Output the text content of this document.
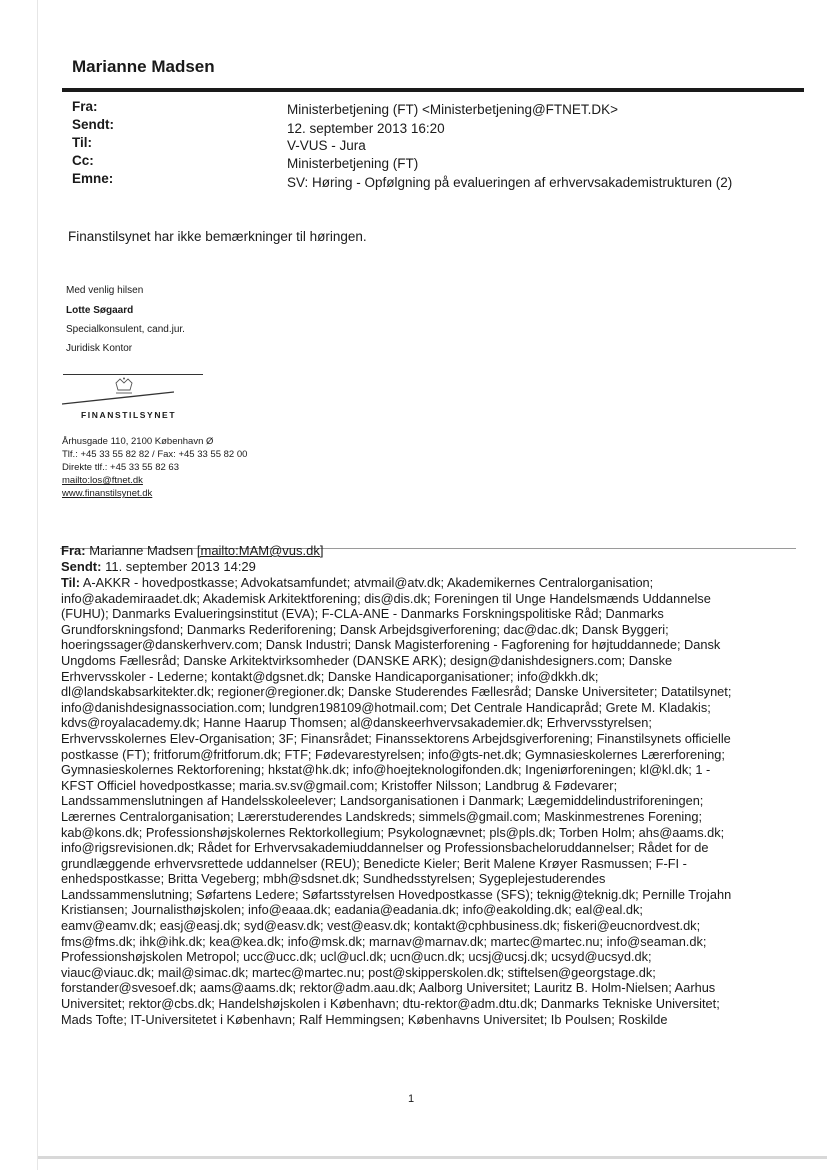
Marianne Madsen
Fra:	Ministerbetjening (FT) <Ministerbetjening@FTNET.DK>
Sendt:	12. september 2013 16:20
Til:	V-VUS - Jura
Cc:	Ministerbetjening (FT)
Emne:	SV: Høring - Opfølgning på evalueringen af erhvervsakademistrukturen (2)
Finanstilsynet har ikke bemærkninger til høringen.
Med venlig hilsen
Lotte Søgaard
Specialkonsulent, cand.jur.
Juridisk Kontor
FINANSTILSYNET
Århusgade 110, 2100 København Ø
Tlf.: +45 33 55 82 82 / Fax: +45 33 55 82 00
Direkte tlf.: +45 33 55 82 63
mailto:los@ftnet.dk
www.finanstilsynet.dk
Fra: Marianne Madsen [mailto:MAM@vus.dk]
Sendt: 11. september 2013 14:29
Til: A-AKKR - hovedpostkasse; Advokatsamfundet; atvmail@atv.dk; Akademikernes Centralorganisation;
info@akademiraadet.dk; Akademisk Arkitektforening; dis@dis.dk; Foreningen til Unge Handelsmænds Uddannelse
(FUHU); Danmarks Evalueringsinstitut (EVA); F-CLA-ANE - Danmarks Forskningspolitiske Råd; Danmarks
Grundforskningsfond; Danmarks Rederiforening; Dansk Arbejdsgiverforening; dac@dac.dk; Dansk Byggeri;
hoeringssager@danskerhverv.com; Dansk Industri; Dansk Magisterforening - Fagforening for højtuddannede; Dansk
Ungdoms Fællesråd; Danske Arkitektvirksomheder (DANSKE ARK); design@danishdesigners.com; Danske
Erhvervsskoler - Lederne; kontakt@dgsnet.dk; Danske Handicaporganisationer; info@dkkh.dk;
dl@landskabsarkitekter.dk; regioner@regioner.dk; Danske Studerendes Fællesråd; Danske Universiteter; Datatilsynet;
info@danishdesignassociation.com; lundgren198109@hotmail.com; Det Centrale Handicapråd; Grete M. Kladakis;
kdvs@royalacademy.dk; Hanne Haarup Thomsen; al@danskeerhvervsakademier.dk; Erhvervsstyrelsen;
Erhvervsskolernes Elev-Organisation; 3F; Finansrådet; Finanssektorens Arbejdsgiverforening; Finanstilsynets officielle
postkasse (FT); fritforum@fritforum.dk; FTF; Fødevarestyrelsen; info@gts-net.dk; Gymnasieskolernes Lærerforening;
Gymnasieskolernes Rektorforening; hkstat@hk.dk; info@hoejteknologifonden.dk; Ingeniørforeningen; kl@kl.dk; 1 -
KFST Officiel hovedpostkasse; maria.sv.sv@gmail.com; Kristoffer Nilsson; Landbrug & Fødevarer;
Landssammenslutningen af Handelsskoleelever; Landsorganisationen i Danmark; Lægemiddelindustriforeningen;
Lærernes Centralorganisation; Lærerstuderendes Landskreds; simmels@gmail.com; Maskinmestrenes Forening;
kab@kons.dk; Professionshøjskolernes Rektorkollegium; Psykolognævnet; pls@pls.dk; Torben Holm; ahs@aams.dk;
info@rigsrevisionen.dk; Rådet for Erhvervsakademiuddannelser og Professionsbacheloruddannelser; Rådet for de
grundlæggende erhvervsrettede uddannelser (REU); Benedicte Kieler; Berit Malene Krøyer Rasmussen; F-FI -
enhedspostkasse; Britta Vegeberg; mbh@sdsnet.dk; Sundhedsstyrelsen; Sygeplejestuderendes
Landssammenslutning; Søfartens Ledere; Søfartsstyrelsen Hovedpostkasse (SFS); teknig@teknig.dk; Pernille Trojahn
Kristiansen; Journalisthøjskolen; info@eaaa.dk; eadania@eadania.dk; info@eakolding.dk; eal@eal.dk;
eamv@eamv.dk; easj@easj.dk; syd@easv.dk; vest@easv.dk; kontakt@cphbusiness.dk; fiskeri@eucnordvest.dk;
fms@fms.dk; ihk@ihk.dk; kea@kea.dk; info@msk.dk; marnav@marnav.dk; martec@martec.nu; info@seaman.dk;
Professionshøjskolen Metropol; ucc@ucc.dk; ucl@ucl.dk; ucn@ucn.dk; ucsj@ucsj.dk; ucsyd@ucsyd.dk;
viauc@viauc.dk; mail@simac.dk; martec@martec.nu; post@skipperskolen.dk; stiftelsen@georgstage.dk;
forstander@svesoef.dk; aams@aams.dk; rektor@adm.aau.dk; Aalborg Universitet; Lauritz B. Holm-Nielsen; Aarhus
Universitet; rektor@cbs.dk; Handelshøjskolen i København; dtu-rektor@adm.dtu.dk; Danmarks Tekniske Universitet;
Mads Tofte; IT-Universitetet i København; Ralf Hemmingsen; Københavns Universitet; Ib Poulsen; Roskilde
1
